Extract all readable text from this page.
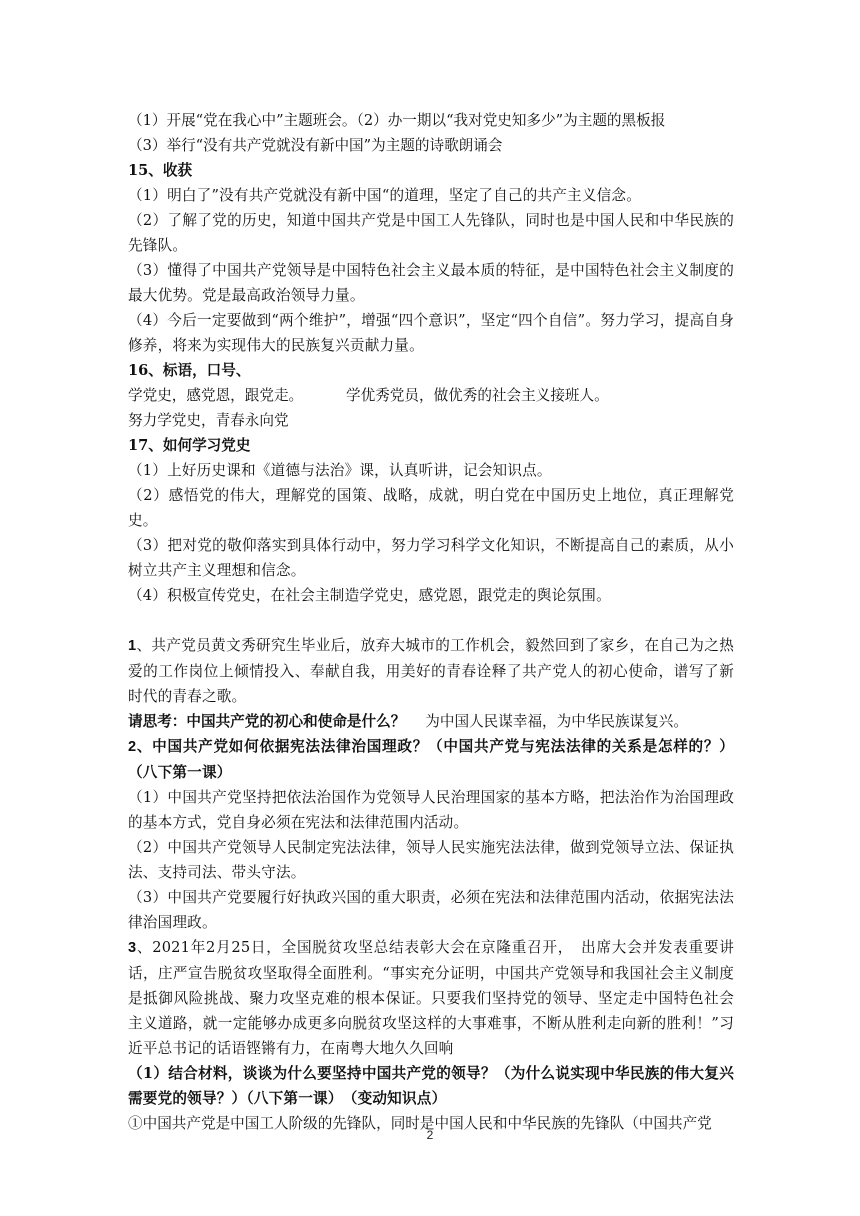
（1）开展“党在我心中”主题班会。（2）办一期以“我对党史知多少”为主题的黑板报

（3）举行“没有共产党就没有新中国”为主题的诗歌朗诵会

15、收获

（1）明白了”没有共产党就没有新中国“的道理，坚定了自己的共产主义信念。

（2）了解了党的历史，知道中国共产党是中国工人先锋队，同时也是中国人民和中华民族的先锋队。

（3）懂得了中国共产党领导是中国特色社会主义最本质的特征，是中国特色社会主义制度的最大优势。党是最高政治领导力量。

（4）今后一定要做到“两个维护”，增强“四个意识”，坚定“四个自信”。努力学习，提高自身修养，将来为实现伟大的民族复兴贡献力量。

16、标语，口号、

学党史，感党恩，跟党走。	学优秀党员，做优秀的社会主义接班人。

努力学党史，青春永向党

17、如何学习党史

（1）上好历史课和《道德与法治》课，认真听讲，记会知识点。

（2）感悟党的伟大，理解党的国策、战略，成就，明白党在中国历史上地位，真正理解党史。

（3）把对党的敬仰落实到具体行动中，努力学习科学文化知识，不断提高自己的素质，从小树立共产主义理想和信念。

（4）积极宣传党史，在社会主制造学党史，感党恩，跟党走的舆论氛围。

1、共产党员黄文秀研究生毕业后，放弃大城市的工作机会，毅然回到了家乡，在自己为之热爱的工作岗位上倾情投入、奉献自我，用美好的青春诠释了共产党人的初心使命，谱写了新时代的青春之歌。

请思考：中国共产党的初心和使命是什么？ 为中国人民谋幸福，为中华民族谋复兴。

2、中国共产党如何依据宪法法律治国理政？（中国共产党与宪法法律的关系是怎样的？）（八下第一课）

（1）中国共产党坚持把依法治国作为党领导人民治理国家的基本方略，把法治作为治国理政的基本方式，党自身必须在宪法和法律范围内活动。

（2）中国共产党领导人民制定宪法法律，领导人民实施宪法法律，做到党领导立法、保证执法、支持司法、带头守法。

（3）中国共产党要履行好执政兴国的重大职责，必须在宪法和法律范围内活动，依据宪法法律治国理政。

3、2021年2月25日，全国脱贫攻坚总结表彰大会在京隆重召开，　出席大会并发表重要讲话，庄严宣告脱贫攻坚取得全面胜利。“事实充分证明，中国共产党领导和我国社会主义制度是抵御风险挑战、聚力攻坚克难的根本保证。只要我们坚持党的领导、坚定走中国特色社会主义道路，就一定能够办成更多向脱贫攻坚这样的大事难事，不断从胜利走向新的胜利！”习近平总书记的话语铿锵有力，在南粤大地久久回响

（1）结合材料，谈谈为什么要坚持中国共产党的领导？（为什么说实现中华民族的伟大复兴需要党的领导？）（八下第一课）　（变动知识点）

①中国共产党是中国工人阶级的先锋队，同时是中国人民和中华民族的先锋队（中国共产党

2
